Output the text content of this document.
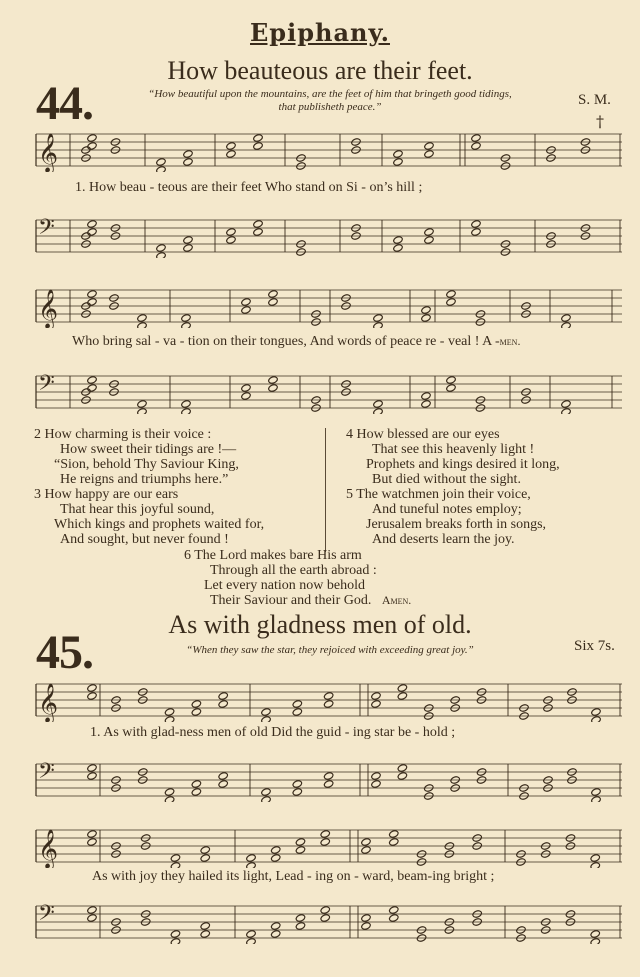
Epiphany.
How beauteous are their feet.
44.	“How beautiful upon the mountains, are the feet of him that bringeth good tidings,
that publisheth peace.”	S. M.
†
𝄞
𝄢
1. How beau - teous are their feet Who stand on Si - on’s hill ;
𝄞
𝄢
Who bring sal - va - tion on their tongues, And words of peace re - veal ! A -men.
2 How charming is their voice :
How sweet their tidings are !—
“Sion, behold Thy Saviour King,
He reigns and triumphs here.”
3 How happy are our ears
That hear this joyful sound,
Which kings and prophets waited for,
And sought, but never found !
4 How blessed are our eyes
That see this heavenly light !
Prophets and kings desired it long,
But died without the sight.
5 The watchmen join their voice,
And tuneful notes employ;
Jerusalem breaks forth in songs,
And deserts learn the joy.
6 The Lord makes bare His arm
Through all the earth abroad :
Let every nation now behold
Their Saviour and their God. Amen.
As with gladness men of old.
45.	“When they saw the star, they rejoiced with exceeding great joy.”	Six 7s.
𝄞
𝄢
1. As with glad-ness men of old Did the guid - ing star be - hold ;
𝄞
𝄢
As with joy they hailed its light, Lead - ing on - ward, beam-ing bright ;
